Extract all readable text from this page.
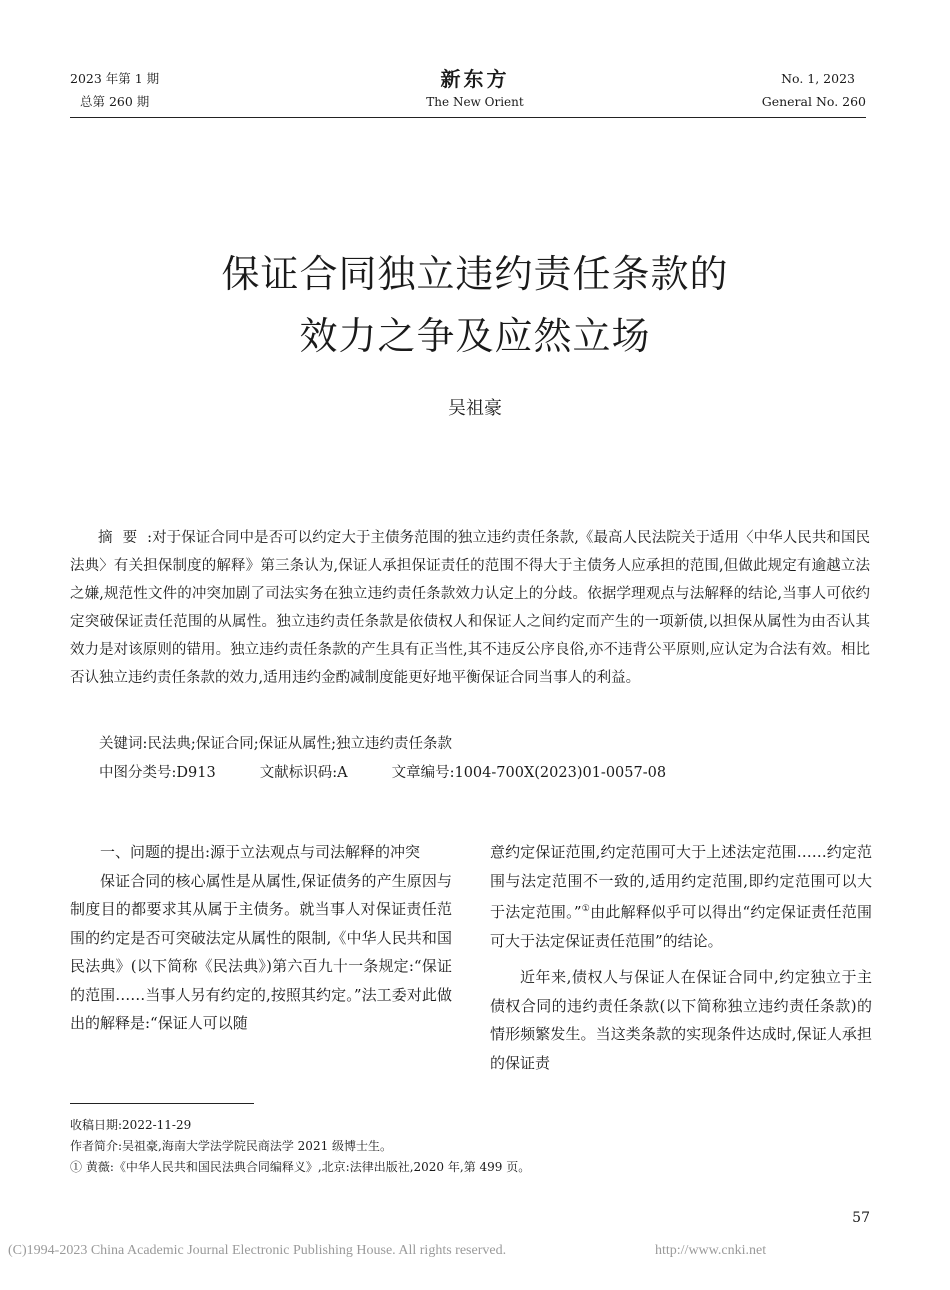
2023 年第 1 期
总第 260 期
新东方
The New Orient
No. 1, 2023
General No. 260
保证合同独立违约责任条款的
效力之争及应然立场
吴祖豪
摘要:对于保证合同中是否可以约定大于主债务范围的独立违约责任条款,《最高人民法院关于适用〈中华人民共和国民法典〉有关担保制度的解释》第三条认为,保证人承担保证责任的范围不得大于主债务人应承担的范围,但做此规定有逾越立法之嫌,规范性文件的冲突加剧了司法实务在独立违约责任条款效力认定上的分歧。依据学理观点与法解释的结论,当事人可依约定突破保证责任范围的从属性。独立违约责任条款是依债权人和保证人之间约定而产生的一项新债,以担保从属性为由否认其效力是对该原则的错用。独立违约责任条款的产生具有正当性,其不违反公序良俗,亦不违背公平原则,应认定为合法有效。相比否认独立违约责任条款的效力,适用违约金酌减制度能更好地平衡保证合同当事人的利益。
关键词:民法典;保证合同;保证从属性;独立违约责任条款
中图分类号:D913	文献标识码:A	文章编号:1004-700X(2023)01-0057-08

一、问题的提出:源于立法观点与司法解释的冲突

保证合同的核心属性是从属性,保证债务的产生原因与制度目的都要求其从属于主债务。就当事人对保证责任范围的约定是否可突破法定从属性的限制,《中华人民共和国民法典》(以下简称《民法典》)第六百九十一条规定:“保证的范围……当事人另有约定的,按照其约定。”法工委对此做出的解释是:“保证人可以随

意约定保证范围,约定范围可大于上述法定范围……约定范围与法定范围不一致的,适用约定范围,即约定范围可以大于法定范围。”①由此解释似乎可以得出“约定保证责任范围可大于法定保证责任范围”的结论。

近年来,债权人与保证人在保证合同中,约定独立于主债权合同的违约责任条款(以下简称独立违约责任条款)的情形频繁发生。当这类条款的实现条件达成时,保证人承担的保证责

收稿日期:2022-11-29
作者简介:吴祖豪,海南大学法学院民商法学 2021 级博士生。
① 黄薇:《中华人民共和国民法典合同编释义》,北京:法律出版社,2020 年,第 499 页。
57
(C)1994-2023 China Academic Journal Electronic Publishing House. All rights reserved.	http://www.cnki.net
